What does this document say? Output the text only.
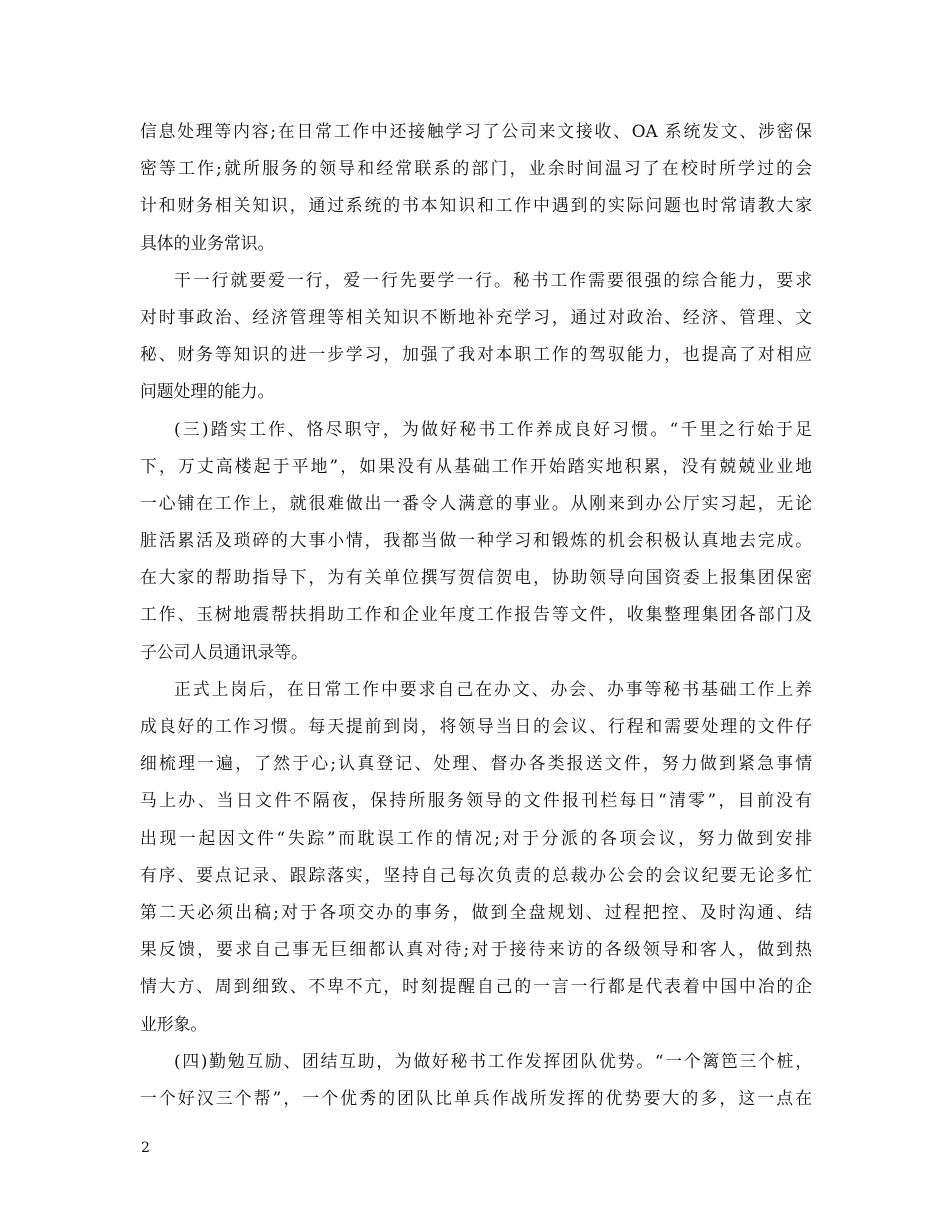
信息处理等内容;在日常工作中还接触学习了公司来文接收、OA 系统发文、涉密保
密等工作;就所服务的领导和经常联系的部门，业余时间温习了在校时所学过的会
计和财务相关知识，通过系统的书本知识和工作中遇到的实际问题也时常请教大家
具体的业务常识。
干一行就要爱一行，爱一行先要学一行。秘书工作需要很强的综合能力，要求
对时事政治、经济管理等相关知识不断地补充学习，通过对政治、经济、管理、文
秘、财务等知识的进一步学习，加强了我对本职工作的驾驭能力，也提高了对相应
问题处理的能力。
(三)踏实工作、恪尽职守，为做好秘书工作养成良好习惯。“千里之行始于足
下，万丈高楼起于平地”，如果没有从基础工作开始踏实地积累，没有兢兢业业地
一心铺在工作上，就很难做出一番令人满意的事业。从刚来到办公厅实习起，无论
脏活累活及琐碎的大事小情，我都当做一种学习和锻炼的机会积极认真地去完成。
在大家的帮助指导下，为有关单位撰写贺信贺电，协助领导向国资委上报集团保密
工作、玉树地震帮扶捐助工作和企业年度工作报告等文件，收集整理集团各部门及
子公司人员通讯录等。
正式上岗后，在日常工作中要求自己在办文、办会、办事等秘书基础工作上养
成良好的工作习惯。每天提前到岗，将领导当日的会议、行程和需要处理的文件仔
细梳理一遍，了然于心;认真登记、处理、督办各类报送文件，努力做到紧急事情
马上办、当日文件不隔夜，保持所服务领导的文件报刊栏每日“清零”，目前没有
出现一起因文件“失踪”而耽误工作的情况;对于分派的各项会议，努力做到安排
有序、要点记录、跟踪落实，坚持自己每次负责的总裁办公会的会议纪要无论多忙
第二天必须出稿;对于各项交办的事务，做到全盘规划、过程把控、及时沟通、结
果反馈，要求自己事无巨细都认真对待;对于接待来访的各级领导和客人，做到热
情大方、周到细致、不卑不亢，时刻提醒自己的一言一行都是代表着中国中冶的企
业形象。
(四)勤勉互励、团结互助，为做好秘书工作发挥团队优势。“一个篱笆三个桩，
一个好汉三个帮”，一个优秀的团队比单兵作战所发挥的优势要大的多，这一点在
2
